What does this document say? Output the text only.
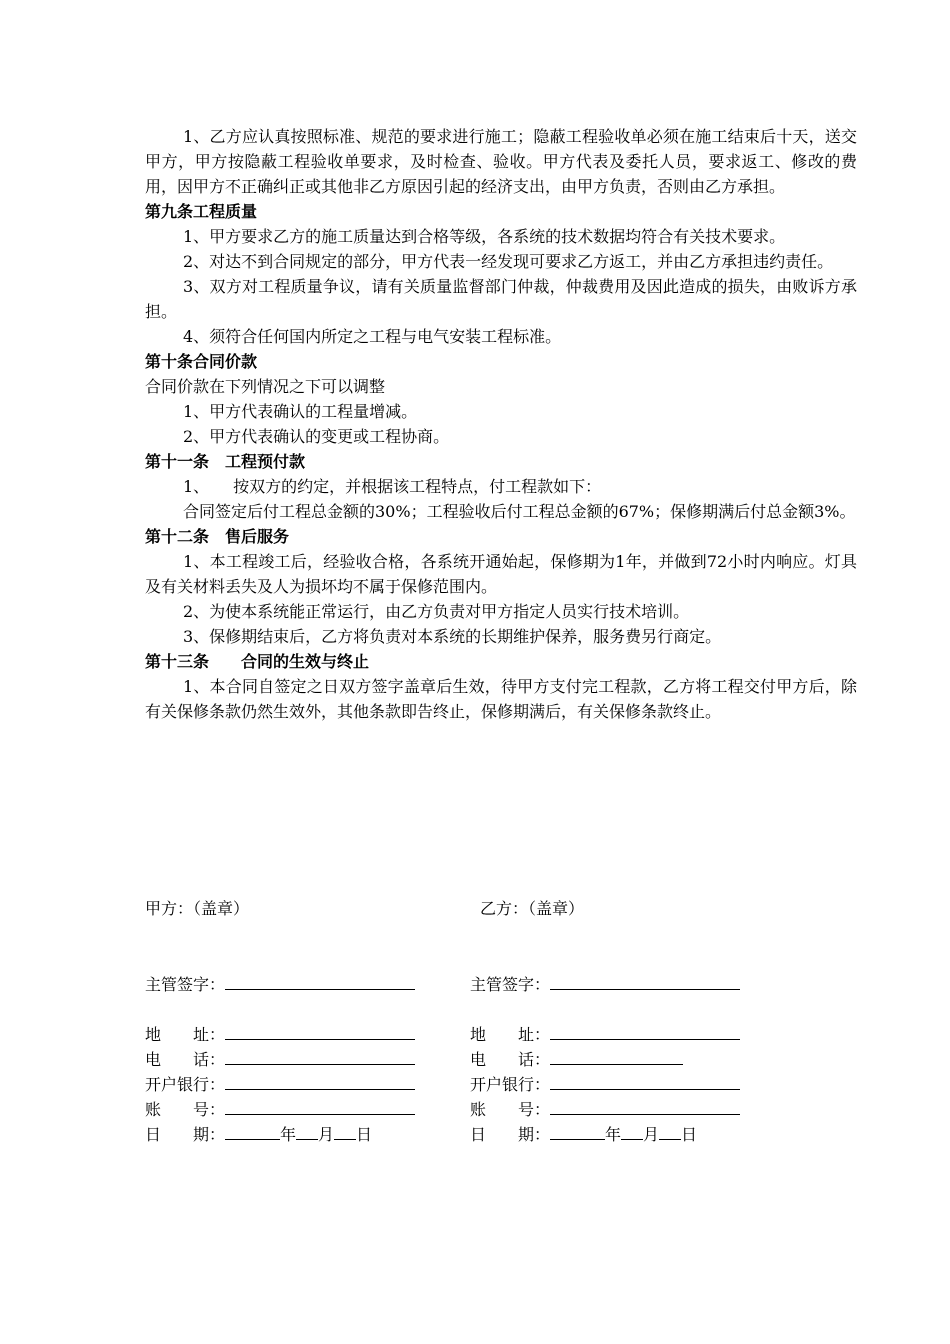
1、乙方应认真按照标准、规范的要求进行施工；隐蔽工程验收单必须在施工结束后十天，送交甲方，甲方按隐蔽工程验收单要求，及时检查、验收。甲方代表及委托人员，要求返工、修改的费用，因甲方不正确纠正或其他非乙方原因引起的经济支出，由甲方负责，否则由乙方承担。

第九条工程质量

1、甲方要求乙方的施工质量达到合格等级，各系统的技术数据均符合有关技术要求。

2、对达不到合同规定的部分，甲方代表一经发现可要求乙方返工，并由乙方承担违约责任。

3、双方对工程质量争议，请有关质量监督部门仲裁，仲裁费用及因此造成的损失，由败诉方承担。

4、须符合任何国内所定之工程与电气安装工程标准。

第十条合同价款

合同价款在下列情况之下可以调整

1、甲方代表确认的工程量增减。

2、甲方代表确认的变更或工程协商。

第十一条　工程预付款

1、　　按双方的约定，并根据该工程特点，付工程款如下：

合同签定后付工程总金额的30%；工程验收后付工程总金额的67%；保修期满后付总金额3%。

第十二条　售后服务

1、本工程竣工后，经验收合格，各系统开通始起，保修期为1年，并做到72小时内响应。灯具及有关材料丢失及人为损坏均不属于保修范围内。

2、为使本系统能正常运行，由乙方负责对甲方指定人员实行技术培训。

3、保修期结束后，乙方将负责对本系统的长期维护保养，服务费另行商定。

第十三条　　合同的生效与终止

1、本合同自签定之日双方签字盖章后生效，待甲方支付完工程款，乙方将工程交付甲方后，除有关保修条款仍然生效外，其他条款即告终止，保修期满后，有关保修条款终止。

甲方：（盖章）	乙方：（盖章）
主管签字：	主管签字：
地　　址：	地　　址：
电　　话：	电　　话：
开户银行：	开户银行：
账　　号：	账　　号：
日　　期：	年 月 日	日　　期：	年 月 日
